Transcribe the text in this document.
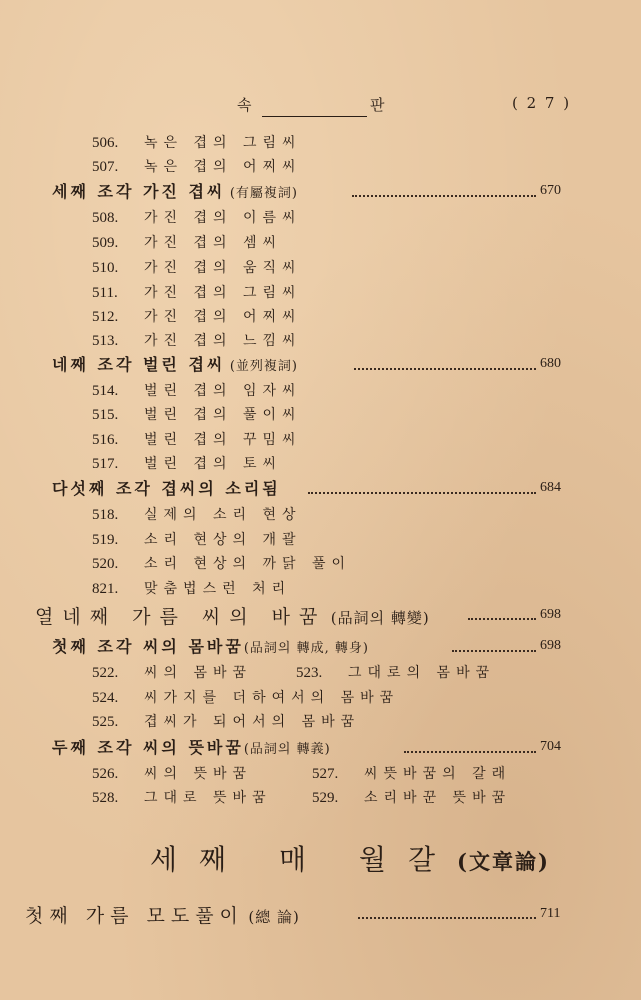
속	판	( 2 7 )
506. 녹은 겹의 그림씨
507. 녹은 겹의 어찌씨
세째 조각 가진 겹씨 (有屬複詞)	670
508. 가진 겹의 이름씨
509. 가진 겹의 셈씨
510. 가진 겹의 움직씨
511. 가진 겹의 그림씨
512. 가진 겹의 어찌씨
513. 가진 겹의 느낌씨
네째 조각 벌린 겹씨 (並列複詞)	680
514. 벌린 겹의 임자씨
515. 벌린 겹의 풀이씨
516. 벌린 겹의 꾸밈씨
517. 벌린 겹의 토씨
다섯째 조각 겹씨의 소리됨	684
518. 실제의 소리 현상
519. 소리 현상의 개괄
520. 소리 현상의 까닭 풀이
821. 맞춤법스런 처리
열네째 가름 씨의 바꿈 (品詞의 轉變)	698
첫째 조각 씨의 몸바꿈(品詞의 轉成, 轉身)	698
522. 씨의 몸바꿈	523. 그대로의 몸바꿈
524. 씨가지를 더하여서의 몸바꿈
525. 겹씨가 되어서의 몸바꿈
두째 조각 씨의 뜻바꿈(品詞의 轉義)	704
526. 씨의 뜻바꿈	527. 씨뜻바꿈의 갈래
528. 그대로 뜻바꿈	529. 소리바꾼 뜻바꿈
세째 매 월갈(文章論)
첫째 가름 모도풀이 (總 論)	711
